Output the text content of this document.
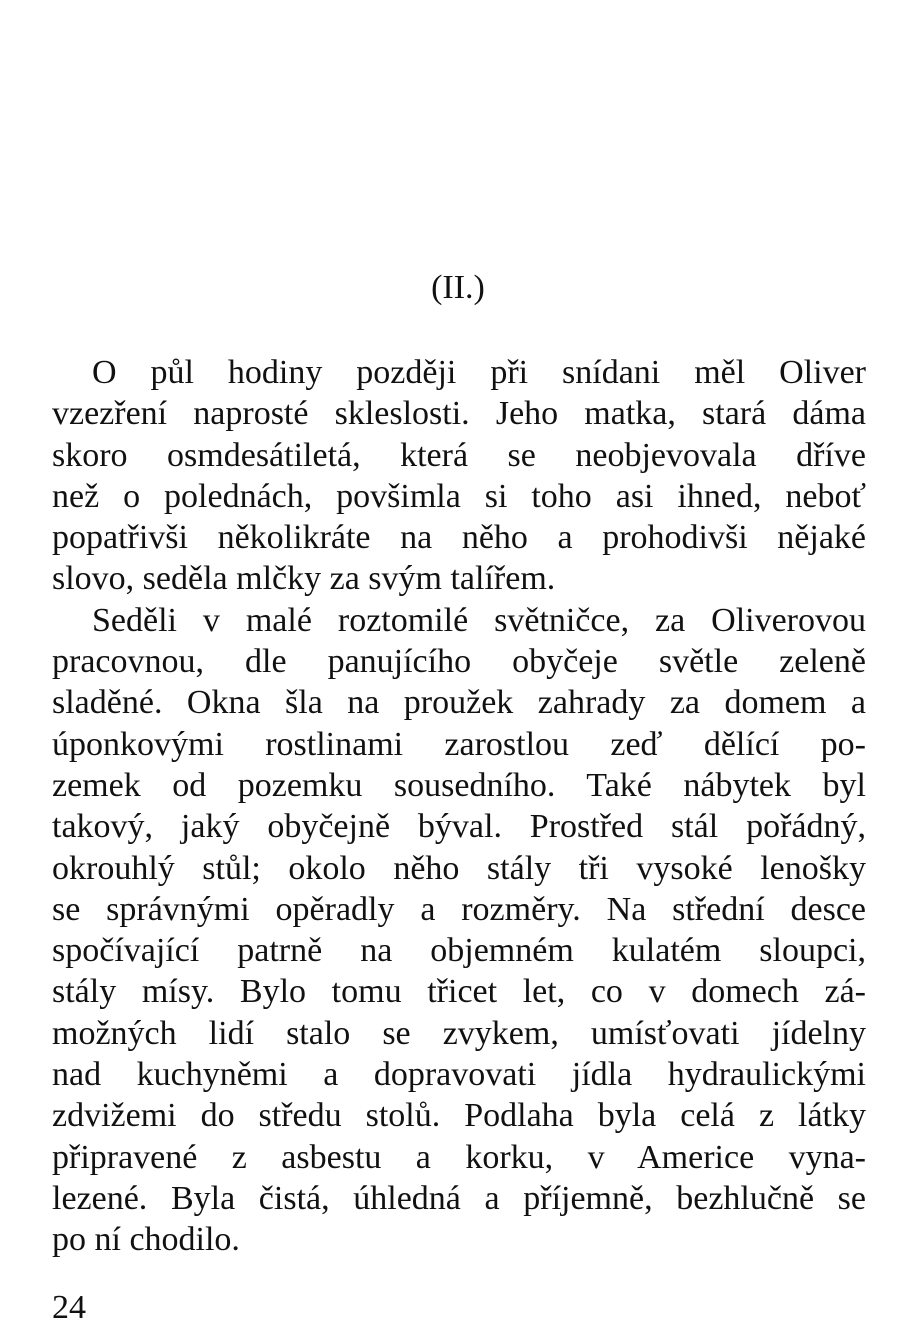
(II.)

O půl hodiny později při snídani měl Oliver
vzezření naprosté skleslosti. Jeho matka, stará dáma
skoro osmdesátiletá, která se neobjevovala dříve
než o polednách, povšimla si toho asi ihned, neboť
popatřivši několikráte na něho a prohodivši nějaké
slovo, seděla mlčky za svým talířem.

Seděli v malé roztomilé světničce, za Oliverovou
pracovnou, dle panujícího obyčeje světle zeleně
sladěné. Okna šla na proužek zahrady za domem a
úponkovými rostlinami zarostlou zeď dělící po-
zemek od pozemku sousedního. Také nábytek byl
takový, jaký obyčejně býval. Prostřed stál pořádný,
okrouhlý stůl; okolo něho stály tři vysoké lenošky
se správnými opěradly a rozměry. Na střední desce
spočívající patrně na objemném kulatém sloupci,
stály mísy. Bylo tomu třicet let, co v domech zá-
možných lidí stalo se zvykem, umísťovati jídelny
nad kuchyněmi a dopravovati jídla hydraulickými
zdvižemi do středu stolů. Podlaha byla celá z látky
připravené z asbestu a korku, v Americe vyna-
lezené. Byla čistá, úhledná a příjemně, bezhlučně se
po ní chodilo.

24
